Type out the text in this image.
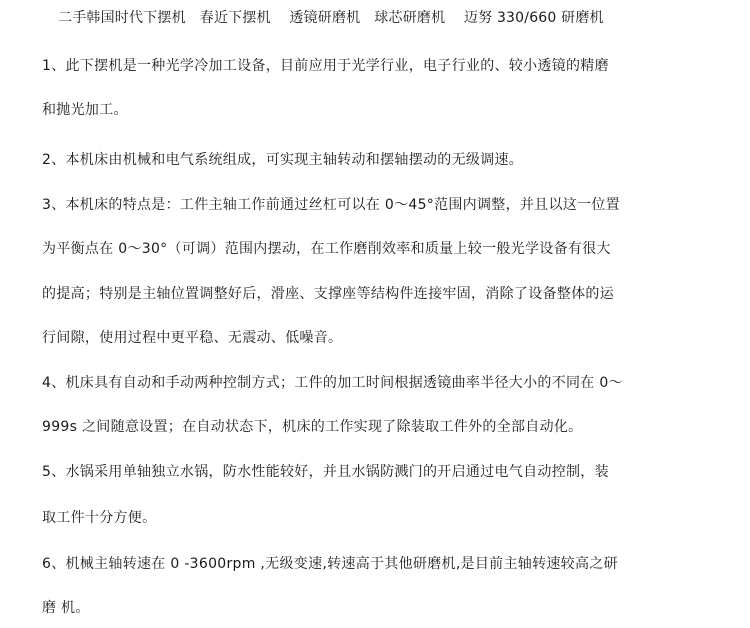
二手韩国时代下摆机   春近下摆机    透镜研磨机   球芯研磨机    迈努 330/660 研磨机
1、此下摆机是一种光学冷加工设备，目前应用于光学行业，电子行业的、较小透镜的精磨
和抛光加工。
2、本机床由机械和电气系统组成，可实现主轴转动和摆轴摆动的无级调速。
3、本机床的特点是：工件主轴工作前通过丝杠可以在 0～45°范围内调整，并且以这一位置
为平衡点在 0～30°（可调）范围内摆动，在工作磨削效率和质量上较一般光学设备有很大
的提高；特别是主轴位置调整好后，滑座、支撑座等结构件连接牢固，消除了设备整体的运
行间隙，使用过程中更平稳、无震动、低噪音。
4、机床具有自动和手动两种控制方式；工件的加工时间根据透镜曲率半径大小的不同在 0～
999s 之间随意设置；在自动状态下，机床的工作实现了除装取工件外的全部自动化。
5、水锅采用单轴独立水锅，防水性能较好，并且水锅防溅门的开启通过电气自动控制，装
取工件十分方便。
6、机械主轴转速在 0 -3600rpm ,无级变速,转速高于其他研磨机,是目前主轴转速较高之研
磨 机。
